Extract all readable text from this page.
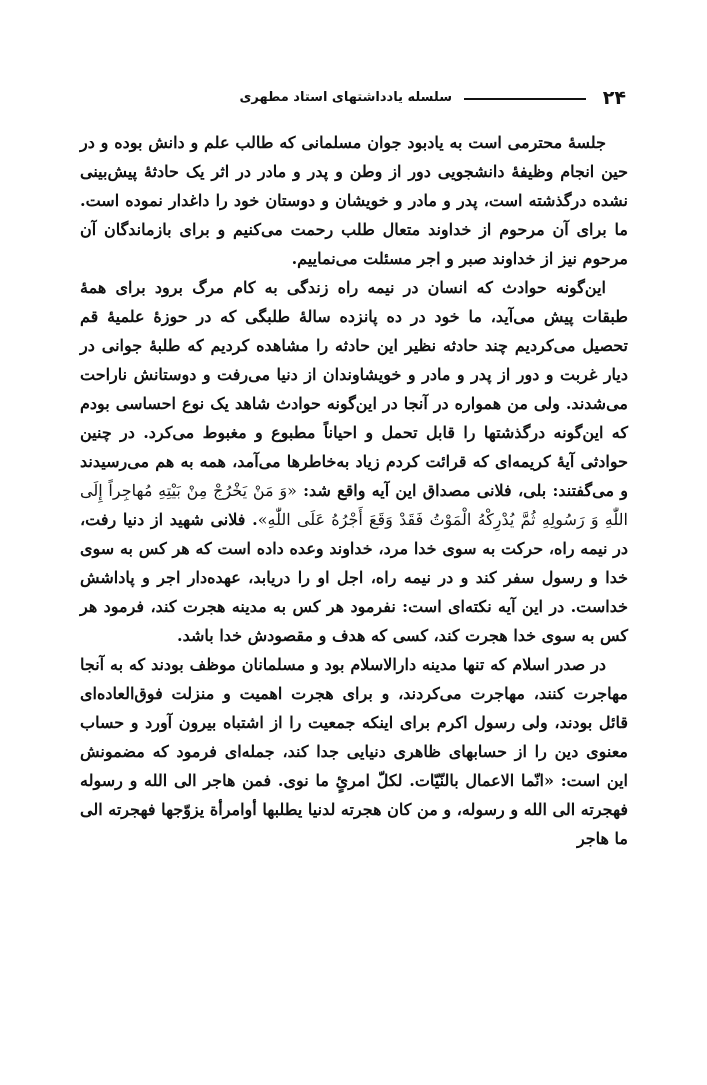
۲۴
سلسله یادداشتهای استاد مطهری

جلسهٔ محترمی است به یادبود جوان مسلمانی که طالب علم و دانش بوده و در حین انجام وظیفهٔ دانشجویی دور از وطن و پدر و مادر در اثر یک حادثهٔ پیش‌بینی نشده درگذشته است، پدر و مادر و خویشان و دوستان خود را داغدار نموده است. ما برای آن مرحوم از خداوند متعال طلب رحمت می‌کنیم و برای بازماندگان آن مرحوم نیز از خداوند صبر و اجر مسئلت می‌نماییم.

این‌گونه حوادث که انسان در نیمه راه زندگی به کام مرگ برود برای همهٔ طبقات پیش می‌آید، ما خود در ده پانزده سالهٔ طلبگی که در حوزهٔ علمیهٔ قم تحصیل می‌کردیم چند حادثه نظیر این حادثه را مشاهده کردیم که طلبهٔ جوانی در دیار غربت و دور از پدر و مادر و خویشاوندان از دنیا می‌رفت و دوستانش ناراحت می‌شدند. ولی من همواره در آنجا در این‌گونه حوادث شاهد یک نوع احساسی بودم که این‌گونه درگذشتها را قابل تحمل و احیاناً مطبوع و مغبوط می‌کرد. در چنین حوادثی آیهٔ کریمه‌ای که قرائت کردم زیاد به‌خاطرها می‌آمد، همه به هم می‌رسیدند و می‌گفتند: بلی، فلانی مصداق این آیه واقع شد: «وَ مَنْ يَخْرُجْ مِنْ بَيْتِهِ مُهاجِراً إِلَى اللّٰهِ وَ رَسُولِهِ ثُمَّ يُدْرِكْهُ الْمَوْتُ فَقَدْ وَقَعَ أَجْرُهُ عَلَى اللّٰهِ». فلانی شهید از دنیا رفت، در نیمه راه، حرکت به سوی خدا مرد، خداوند وعده داده است که هر کس به سوی خدا و رسول سفر کند و در نیمه راه، اجل او را دریابد، عهده‌دار اجر و پاداشش خداست. در این آیه نکته‌ای است: نفرمود هر کس به مدینه هجرت کند، فرمود هر کس به سوی خدا هجرت کند، کسی که هدف و مقصودش خدا باشد.

در صدر اسلام که تنها مدینه دارالاسلام بود و مسلمانان موظف بودند که به آنجا مهاجرت کنند، مهاجرت می‌کردند، و برای هجرت اهمیت و منزلت فوق‌العاده‌ای قائل بودند، ولی رسول اکرم برای اینکه جمعیت را از اشتباه بیرون آورد و حساب معنوی دین را از حسابهای ظاهری دنیایی جدا کند، جمله‌ای فرمود که مضمونش این است: «انّما الاعمال بالنّیّات. لکلّ امرئٍ ما نوی. فمن هاجر الی الله و رسوله فهجرته الی الله و رسوله، و من کان هجرته لدنیا یطلبها أوامرأة یزوّجها فهجرته الی ما هاجر
